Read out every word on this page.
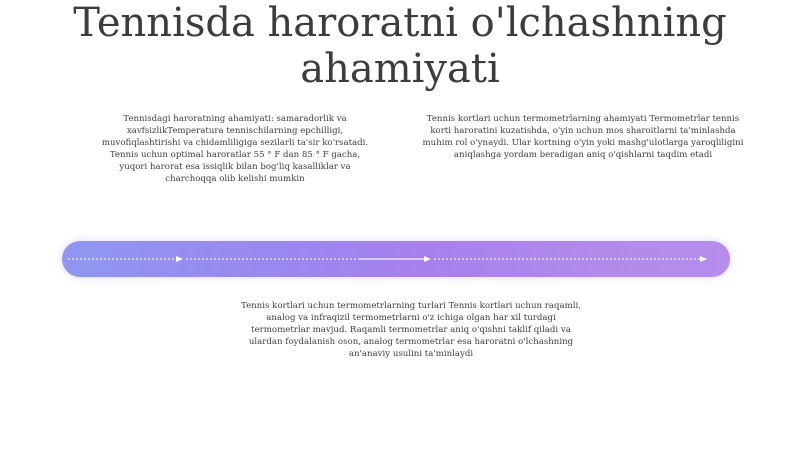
Tennisda haroratni o'lchashning ahamiyati

Tennisdagi haroratning ahamiyati: samaradorlik va xavfsizlikTemperatura tennischilarning epchilligi, muvofiqlashtirishi va chidamliligiga sezilarli ta'sir ko'rsatadi. Tennis uchun optimal haroratlar 55 ° F dan 85 ° F gacha, yuqori harorat esa issiqlik bilan bog'liq kasalliklar va charchoqqa olib kelishi mumkin

Tennis kortlari uchun termometrlarning ahamiyati Termometrlar tennis korti haroratini kuzatishda, o'yin uchun mos sharoitlarni ta'minlashda muhim rol o'ynaydi. Ular kortning o'yin yoki mashg'ulotlarga yaroqliligini aniqlashga yordam beradigan aniq o'qishlarni taqdim etadi

Tennis kortlari uchun termometrlarning turlari Tennis kortlari uchun raqamli, analog va infraqizil termometrlarni o'z ichiga olgan har xil turdagi termometrlar mavjud. Raqamli termometrlar aniq o'qishni taklif qiladi va ulardan foydalanish oson, analog termometrlar esa haroratni o'lchashning an'anaviy usulini ta'minlaydi
